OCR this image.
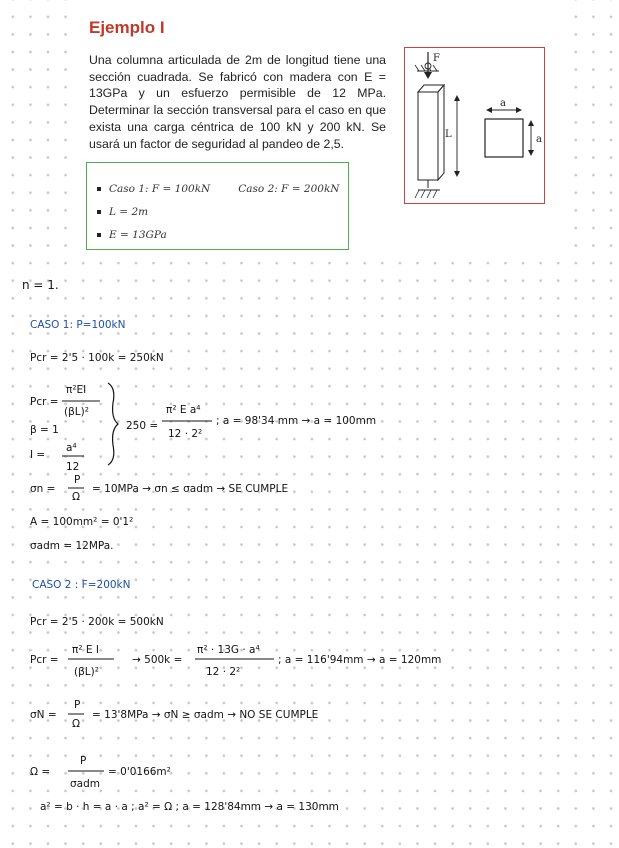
Ejemplo I

Una columna articulada de 2m de longitud tiene una sección cuadrada. Se fabricó con madera con E = 13GPa y un esfuerzo permisible de 12 MPa. Determinar la sección transversal para el caso en que exista una carga céntrica de 100 kN y 200 kN. Se usará un factor de seguridad al pandeo de 2,5.

F
L
a
a
Caso 1: F = 100kN	Caso 2: F = 200kN
L = 2m
E = 13GPa
n = 1.
CASO 1: P=100kN
Pcr = 2'5 · 100k = 250kN
Pcr =
π²EI
(βL)²
β = 1
I =
a⁴
12
250 =
π² E a⁴
12 · 2²
; a = 98'34 mm → a = 100mm
σn =
P
Ω
= 10MPa → σn ≤ σadm → SE CUMPLE
A = 100mm² = 0'1²
σadm = 12MPa.
CASO 2 : F=200kN
Pcr = 2'5 · 200k = 500kN
Pcr =
π² E I
(βL)²
→ 500k =
π² · 13G · a⁴
12 · 2²
; a = 116'94mm → a = 120mm
σN =
P
Ω
= 13'8MPa → σN ≥ σadm → NO SE CUMPLE
Ω =
P
σadm
= 0'0166m²
a² = b · h = a · a ; a² = Ω ; a = 128'84mm → a = 130mm
